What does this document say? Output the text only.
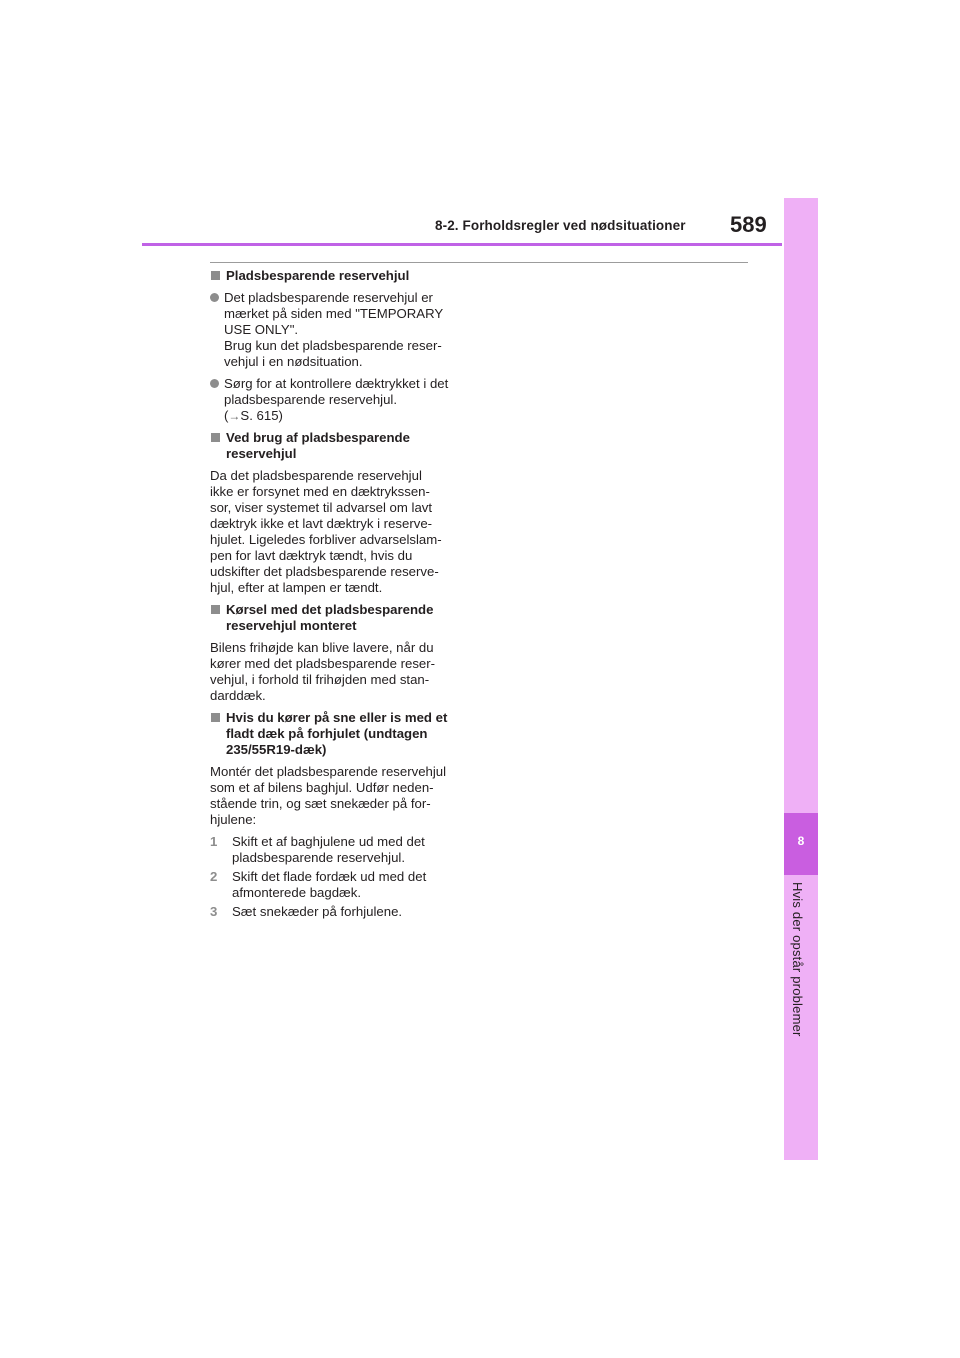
8-2. Forholdsregler ved nødsituationer 589
8
Hvis der opstår problemer
Pladsbesparende reservehjul
Det pladsbesparende reservehjul er
mærket på siden med "TEMPORARY
USE ONLY".
Brug kun det pladsbesparende reser-
vehjul i en nødsituation.
Sørg for at kontrollere dæktrykket i det
pladsbesparende reservehjul.
(→S. 615)
Ved brug af pladsbesparende
reservehjul
Da det pladsbesparende reservehjul
ikke er forsynet med en dæktrykssen-
sor, viser systemet til advarsel om lavt
dæktryk ikke et lavt dæktryk i reserve-
hjulet. Ligeledes forbliver advarselslam-
pen for lavt dæktryk tændt, hvis du
udskifter det pladsbesparende reserve-
hjul, efter at lampen er tændt.
Kørsel med det pladsbesparende
reservehjul monteret
Bilens frihøjde kan blive lavere, når du
kører med det pladsbesparende reser-
vehjul, i forhold til frihøjden med stan-
darddæk.
Hvis du kører på sne eller is med et
fladt dæk på forhjulet (undtagen
235/55R19-dæk)
Montér det pladsbesparende reservehjul
som et af bilens baghjul. Udfør neden-
stående trin, og sæt snekæder på for-
hjulene:
1 Skift et af baghjulene ud med det
pladsbesparende reservehjul.
2 Skift det flade fordæk ud med det
afmonterede bagdæk.
3 Sæt snekæder på forhjulene.
